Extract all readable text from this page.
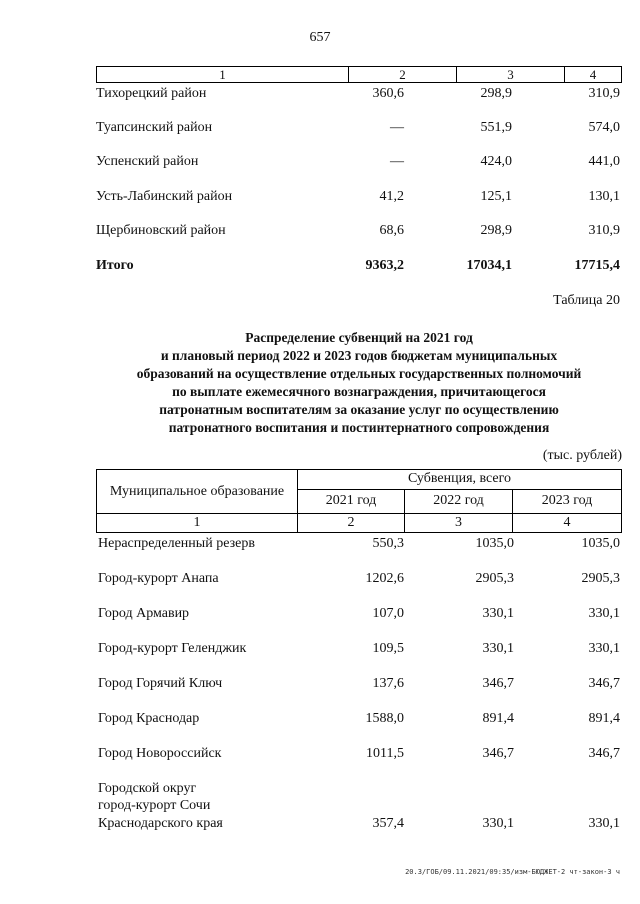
657
1	2	3	4
Тихорецкий район	360,6	298,9	310,9
Туапсинский район	—	551,9	574,0
Успенский район	—	424,0	441,0
Усть-Лабинский район	41,2	125,1	130,1
Щербиновский район	68,6	298,9	310,9
Итого	9363,2	17034,1	17715,4
Таблица 20
Распределение субвенций на 2021 год
и плановый период 2022 и 2023 годов бюджетам муниципальных
образований на осуществление отдельных государственных полномочий
по выплате ежемесячного вознаграждения, причитающегося
патронатным воспитателям за оказание услуг по осуществлению
патронатного воспитания и постинтернатного сопровождения
(тыс. рублей)
Муниципальное образование
Субвенция, всего
2021 год	2022 год	2023 год
1	2	3	4
Нераспределенный резерв	550,3	1035,0	1035,0
Город-курорт Анапа	1202,6	2905,3	2905,3
Город Армавир	107,0	330,1	330,1
Город-курорт Геленджик	109,5	330,1	330,1
Город Горячий Ключ	137,6	346,7	346,7
Город Краснодар	1588,0	891,4	891,4
Город Новороссийск	1011,5	346,7	346,7
Городской округ
город-курорт Сочи
Краснодарского края	357,4	330,1	330,1
20.3/ГОБ/09.11.2021/09:35/изм-БЮДЖЕТ-2 чт-закон-3 ч
